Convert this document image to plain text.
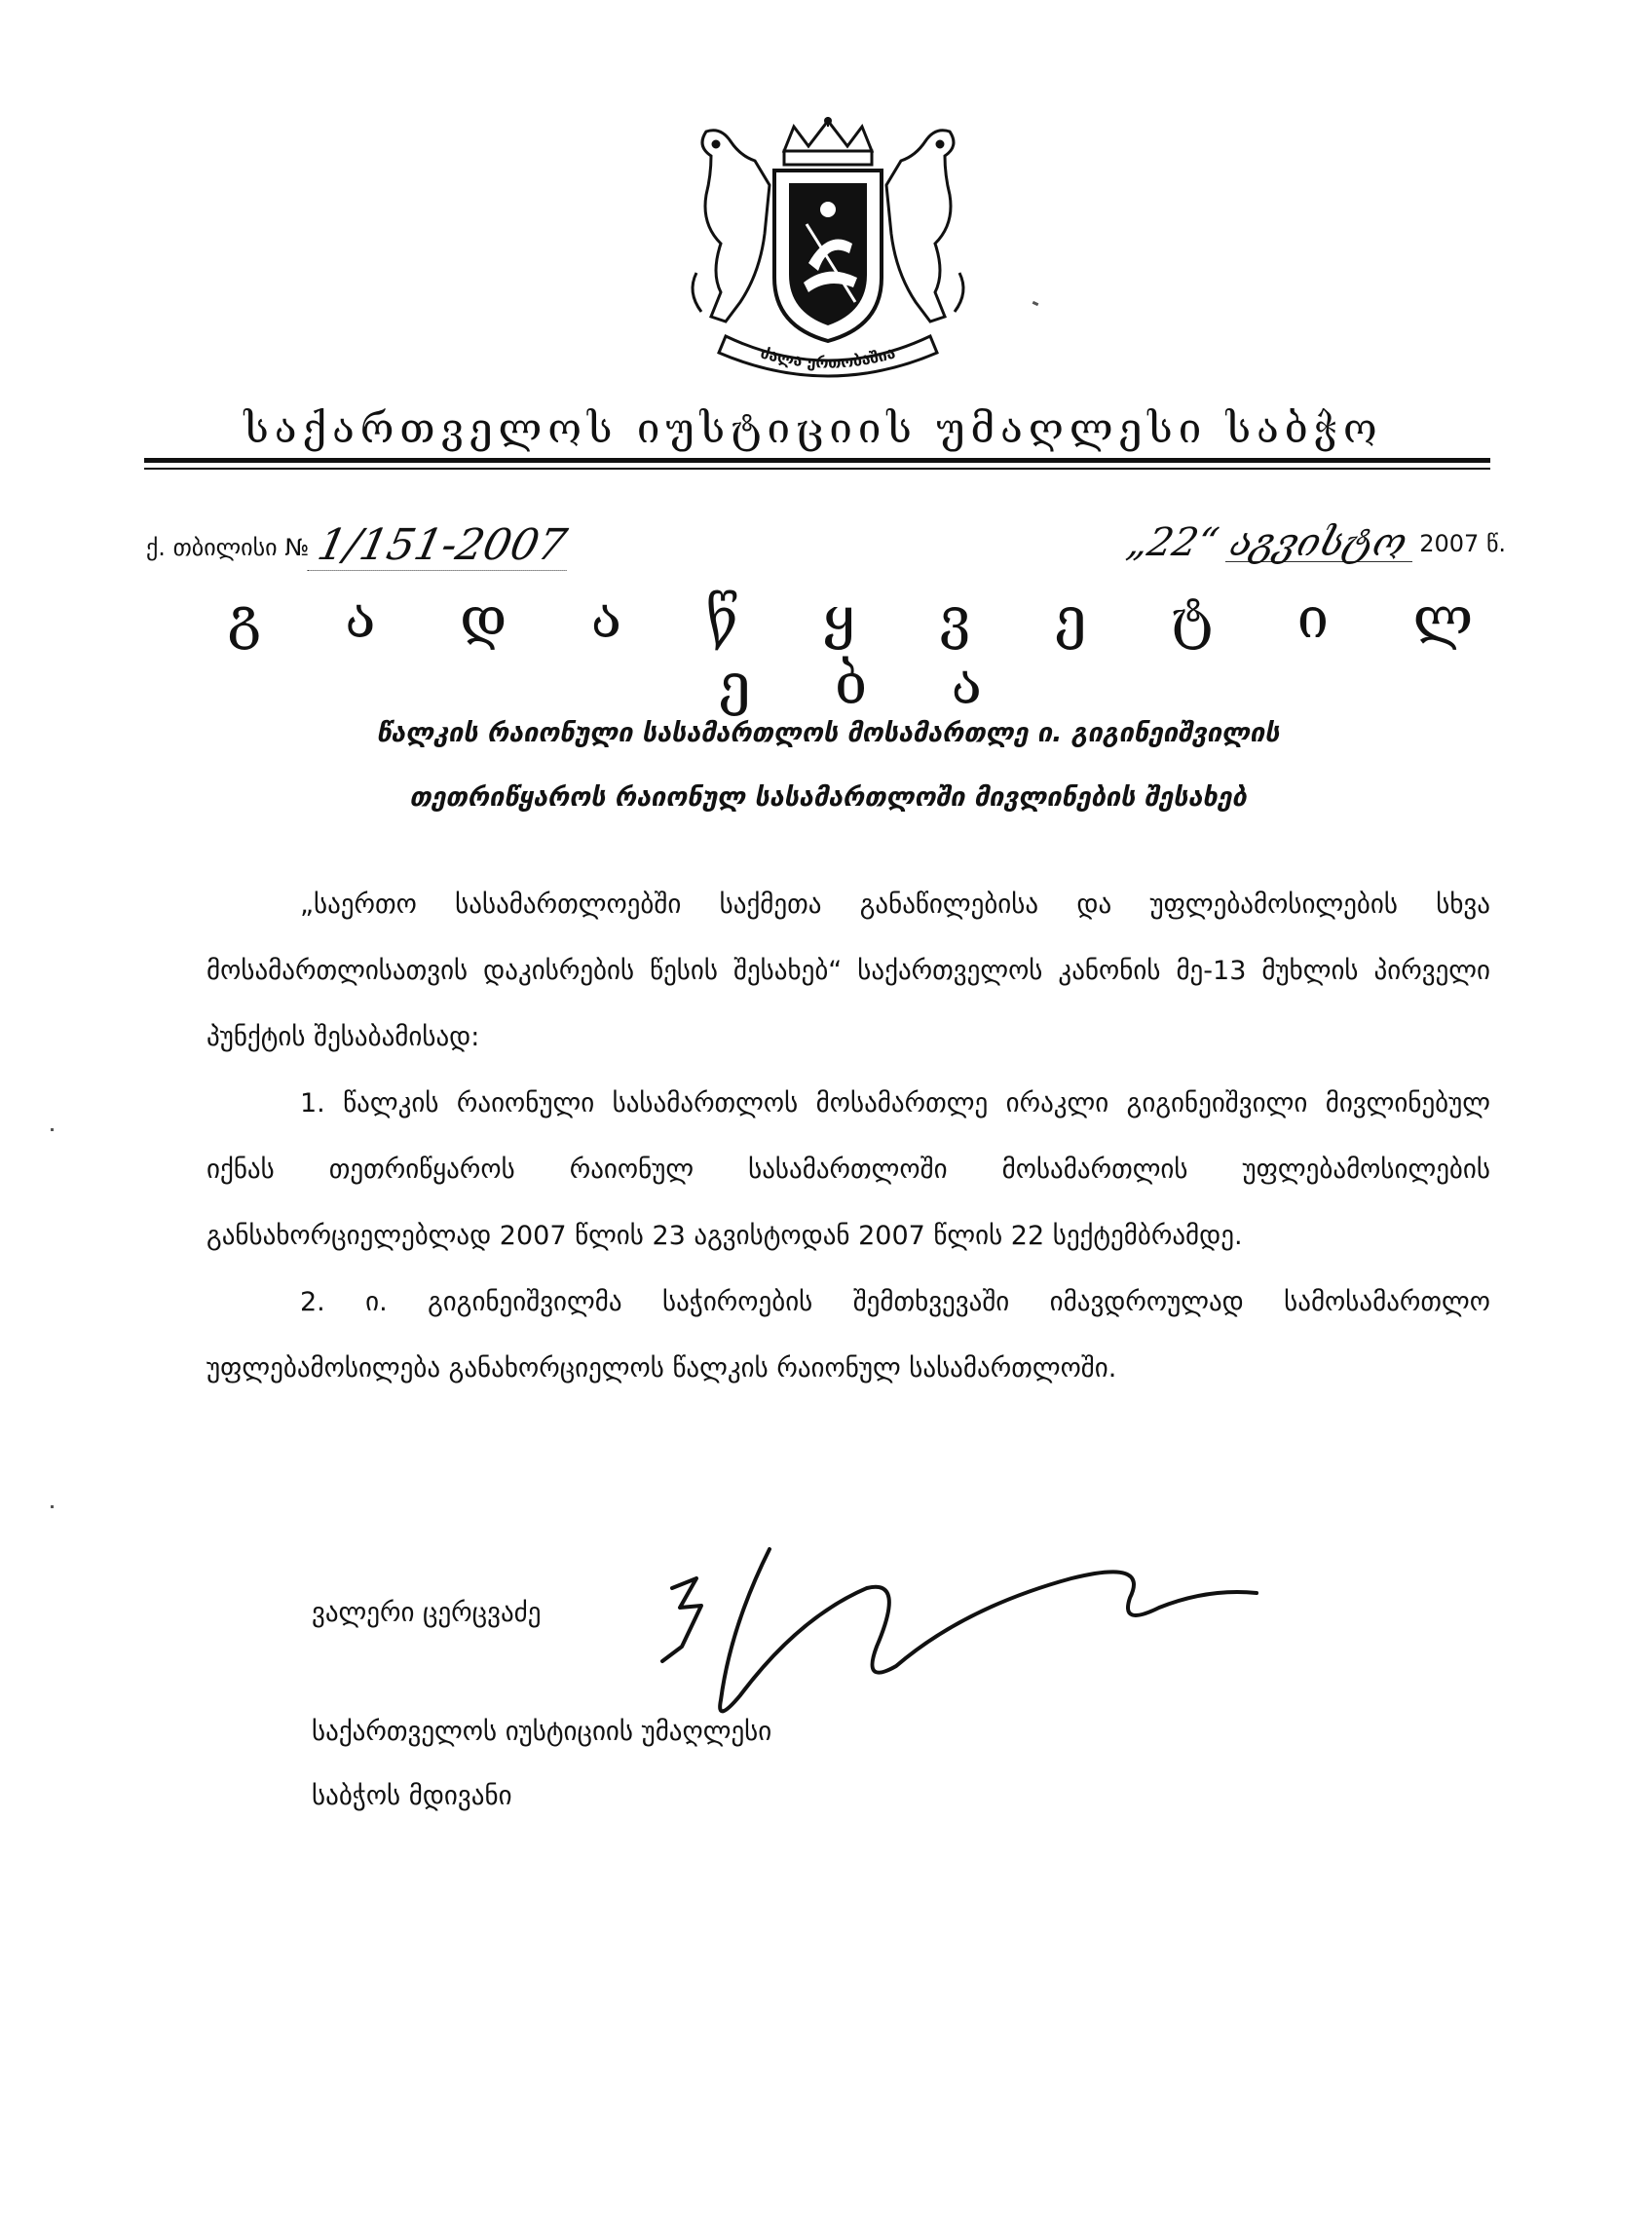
ძალა ერთობაშია
საქართველოს იუსტიციის უმაღლესი საბჭო
ქ. თბილისი № 1/151-2007	„22“ აგვისტო 2007 წ.
გ ა დ ა წ ყ ვ ე ტ ი ლ ე ბ ა
წალკის რაიონული სასამართლოს მოსამართლე ი. გიგინეიშვილის
თეთრიწყაროს რაიონულ სასამართლოში მივლინების შესახებ

„საერთო სასამართლოებში საქმეთა განაწილებისა და უფლებამოსილების სხვა მოსამართლისათვის დაკისრების წესის შესახებ“ საქართველოს კანონის მე-13 მუხლის პირველი პუნქტის შესაბამისად:

1. წალკის რაიონული სასამართლოს მოსამართლე ირაკლი გიგინეიშვილი მივლინებულ იქნას თეთრიწყაროს რაიონულ სასამართლოში მოსამართლის უფლებამოსილების განსახორციელებლად 2007 წლის 23 აგვისტოდან 2007 წლის 22 სექტემბრამდე.

2. ი. გიგინეიშვილმა საჭიროების შემთხვევაში იმავდროულად სამოსამართლო უფლებამოსილება განახორციელოს წალკის რაიონულ სასამართლოში.

ვალერი ცერცვაძე
საქართველოს იუსტიციის უმაღლესი
საბჭოს მდივანი
